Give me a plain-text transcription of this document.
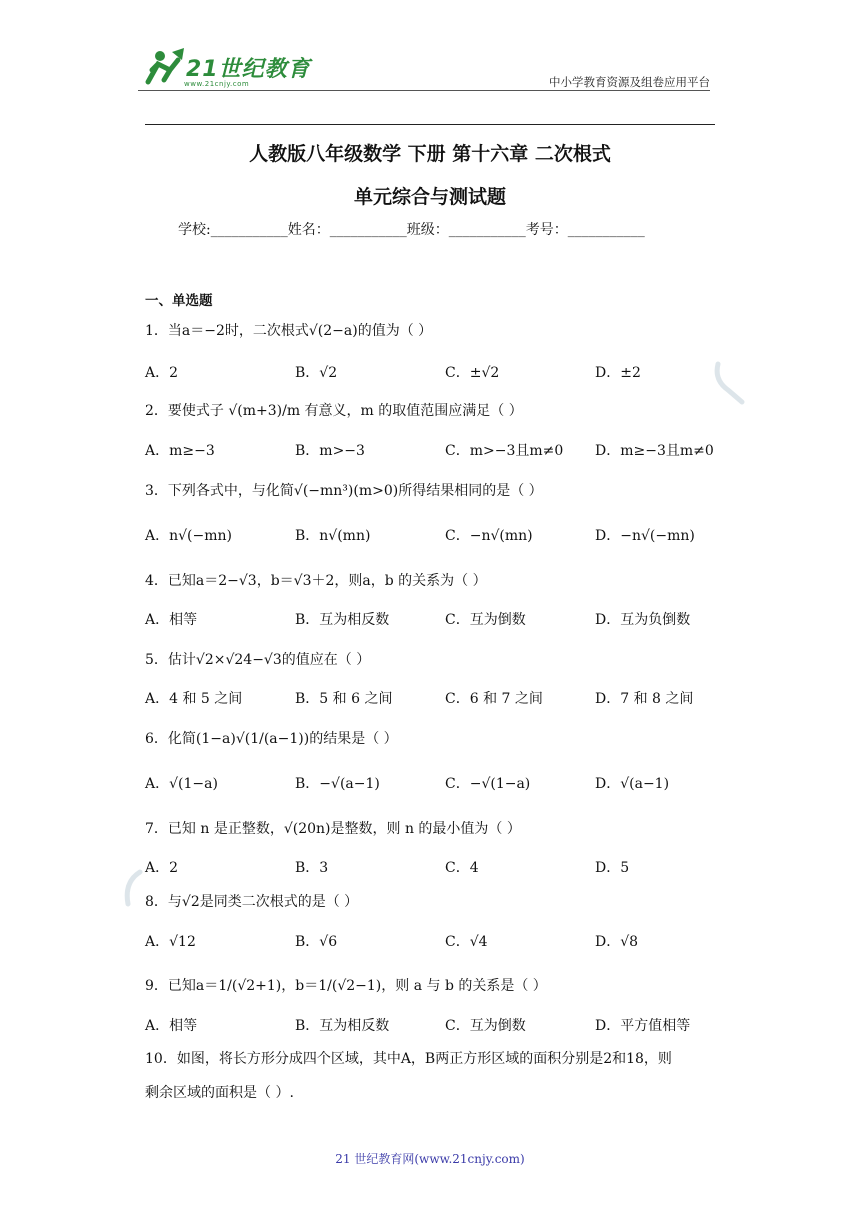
21世纪教育
www.21cnjy.com	中小学教育资源及组卷应用平台
人教版八年级数学 下册 第十六章 二次根式
单元综合与测试题
学校:___________姓名：___________班级：___________考号：___________
一、单选题
1．当a＝−2时，二次根式√(2−a)的值为（ ）
A．2	B．√2	C．±√2	D．±2
2．要使式子 √(m+3)/m 有意义，m 的取值范围应满足（ ）
A．m≥−3	B．m>−3	C．m>−3且m≠0 D．m≥−3且m≠0
3．下列各式中，与化简√(−mn³)(m>0)所得结果相同的是（ ）
A．n√(−mn)	B．n√(mn)	C．−n√(mn)	D．−n√(−mn)
4．已知a＝2−√3，b＝√3＋2，则a，b 的关系为（ ）
A．相等	B．互为相反数	C．互为倒数	D．互为负倒数
5．估计√2×√24−√3的值应在（ ）
A．4 和 5 之间	B．5 和 6 之间	C．6 和 7 之间	D．7 和 8 之间
6．化简(1−a)√(1/(a−1))的结果是（ ）
A．√(1−a)	B．−√(a−1)	C．−√(1−a)	D．√(a−1)
7．已知 n 是正整数，√(20n)是整数，则 n 的最小值为（ ）
A．2	B．3	C．4	D．5
8．与√2是同类二次根式的是（ ）
A．√12	B．√6	C．√4	D．√8
9．已知a＝1/(√2+1)，b＝1/(√2−1)，则 a 与 b 的关系是（ ）
A．相等	B．互为相反数	C．互为倒数	D．平方值相等
10．如图，将长方形分成四个区域，其中A，B两正方形区域的面积分别是2和18，则
剩余区域的面积是（ ）.
21 世纪教育网(www.21cnjy.com)
